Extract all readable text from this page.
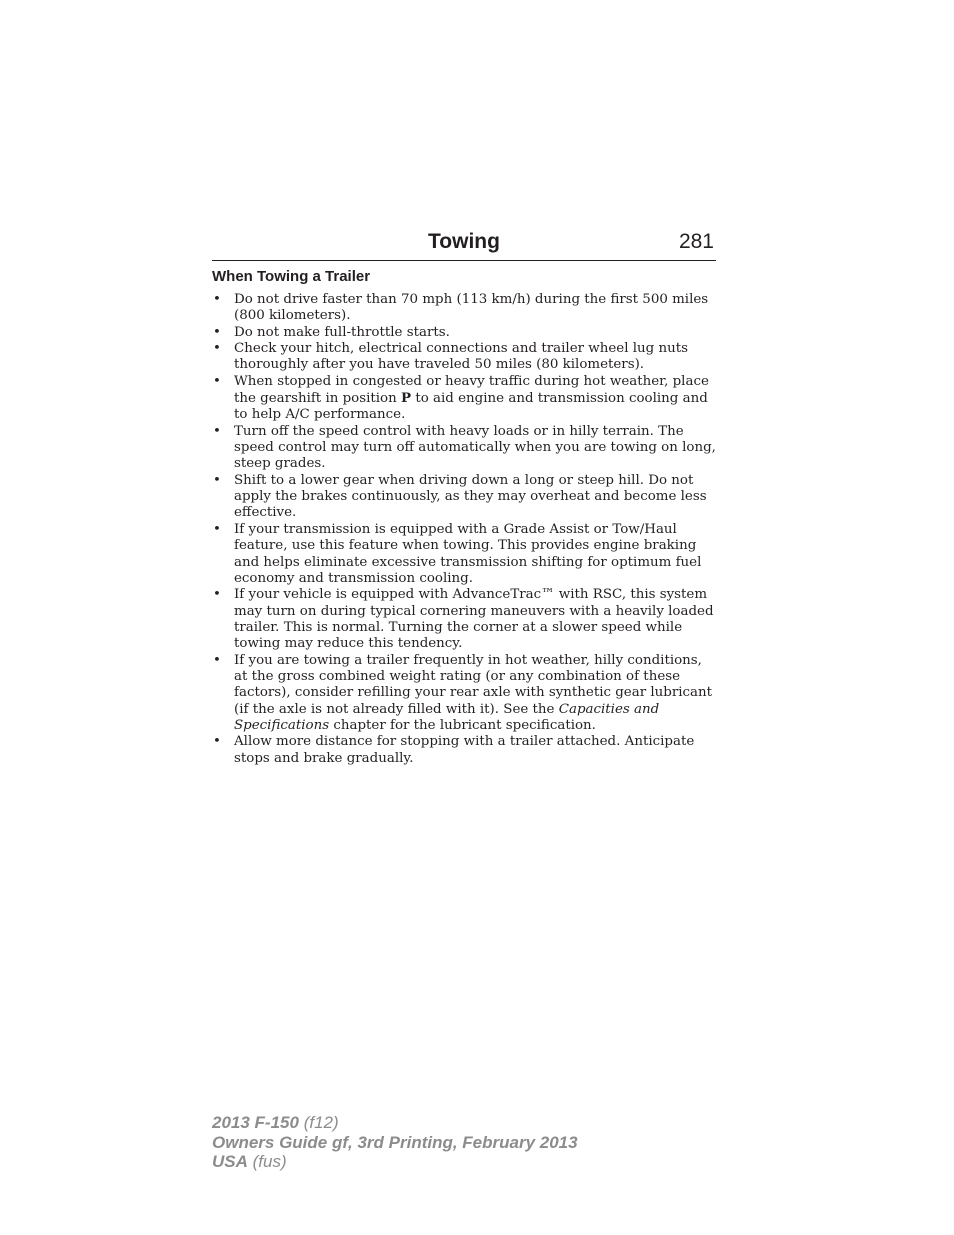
Towing	281
When Towing a Trailer
• Do not drive faster than 70 mph (113 km/h) during the first 500 miles (800 kilometers).
• Do not make full-throttle starts.
• Check your hitch, electrical connections and trailer wheel lug nuts thoroughly after you have traveled 50 miles (80 kilometers).
• When stopped in congested or heavy traffic during hot weather, place the gearshift in position P to aid engine and transmission cooling and to help A/C performance.
• Turn off the speed control with heavy loads or in hilly terrain. The speed control may turn off automatically when you are towing on long, steep grades.
• Shift to a lower gear when driving down a long or steep hill. Do not apply the brakes continuously, as they may overheat and become less effective.
• If your transmission is equipped with a Grade Assist or Tow/Haul feature, use this feature when towing. This provides engine braking and helps eliminate excessive transmission shifting for optimum fuel economy and transmission cooling.
• If your vehicle is equipped with AdvanceTrac™ with RSC, this system may turn on during typical cornering maneuvers with a heavily loaded trailer. This is normal. Turning the corner at a slower speed while towing may reduce this tendency.
• If you are towing a trailer frequently in hot weather, hilly conditions, at the gross combined weight rating (or any combination of these factors), consider refilling your rear axle with synthetic gear lubricant (if the axle is not already filled with it). See the Capacities and Specifications chapter for the lubricant specification.
• Allow more distance for stopping with a trailer attached. Anticipate stops and brake gradually.
2013 F-150 (f12)
Owners Guide gf, 3rd Printing, February 2013
USA (fus)
